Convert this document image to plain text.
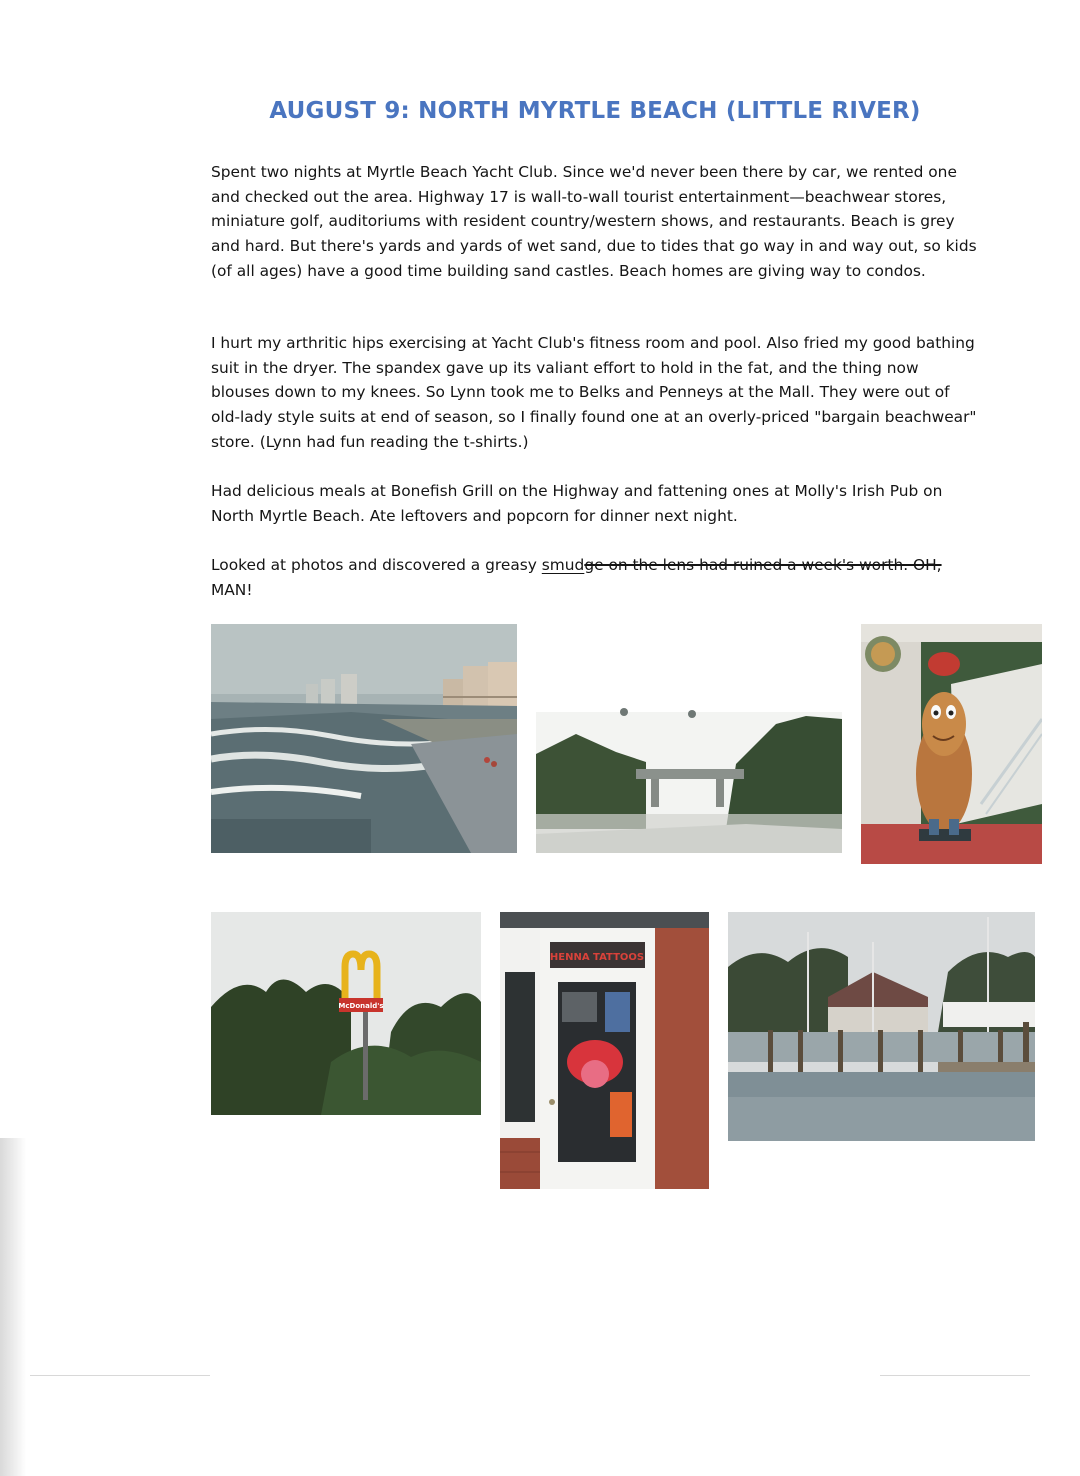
AUGUST 9: NORTH MYRTLE BEACH (LITTLE RIVER)

Spent two nights at Myrtle Beach Yacht Club. Since we'd never been there by car, we rented one and checked out the area. Highway 17 is wall-to-wall tourist entertainment—beachwear stores, miniature golf, auditoriums with resident country/western shows, and restaurants. Beach is grey and hard. But there's yards and yards of wet sand, due to tides that go way in and way out, so kids (of all ages) have a good time building sand castles. Beach homes are giving way to condos.

I hurt my arthritic hips exercising at Yacht Club's fitness room and pool. Also fried my good bathing suit in the dryer. The spandex gave up its valiant effort to hold in the fat, and the thing now blouses down to my knees. So Lynn took me to Belks and Penneys at the Mall. They were out of old-lady style suits at end of season, so I finally found one at an overly-priced "bargain beachwear" store. (Lynn had fun reading the t-shirts.)

Had delicious meals at Bonefish Grill on the Highway and fattening ones at Molly's Irish Pub on North Myrtle Beach. Ate leftovers and popcorn for dinner next night.

Looked at photos and discovered a greasy smudge on the lens had ruined a week's worth. OH, MAN!

McDonald's
HENNA TATTOOS
